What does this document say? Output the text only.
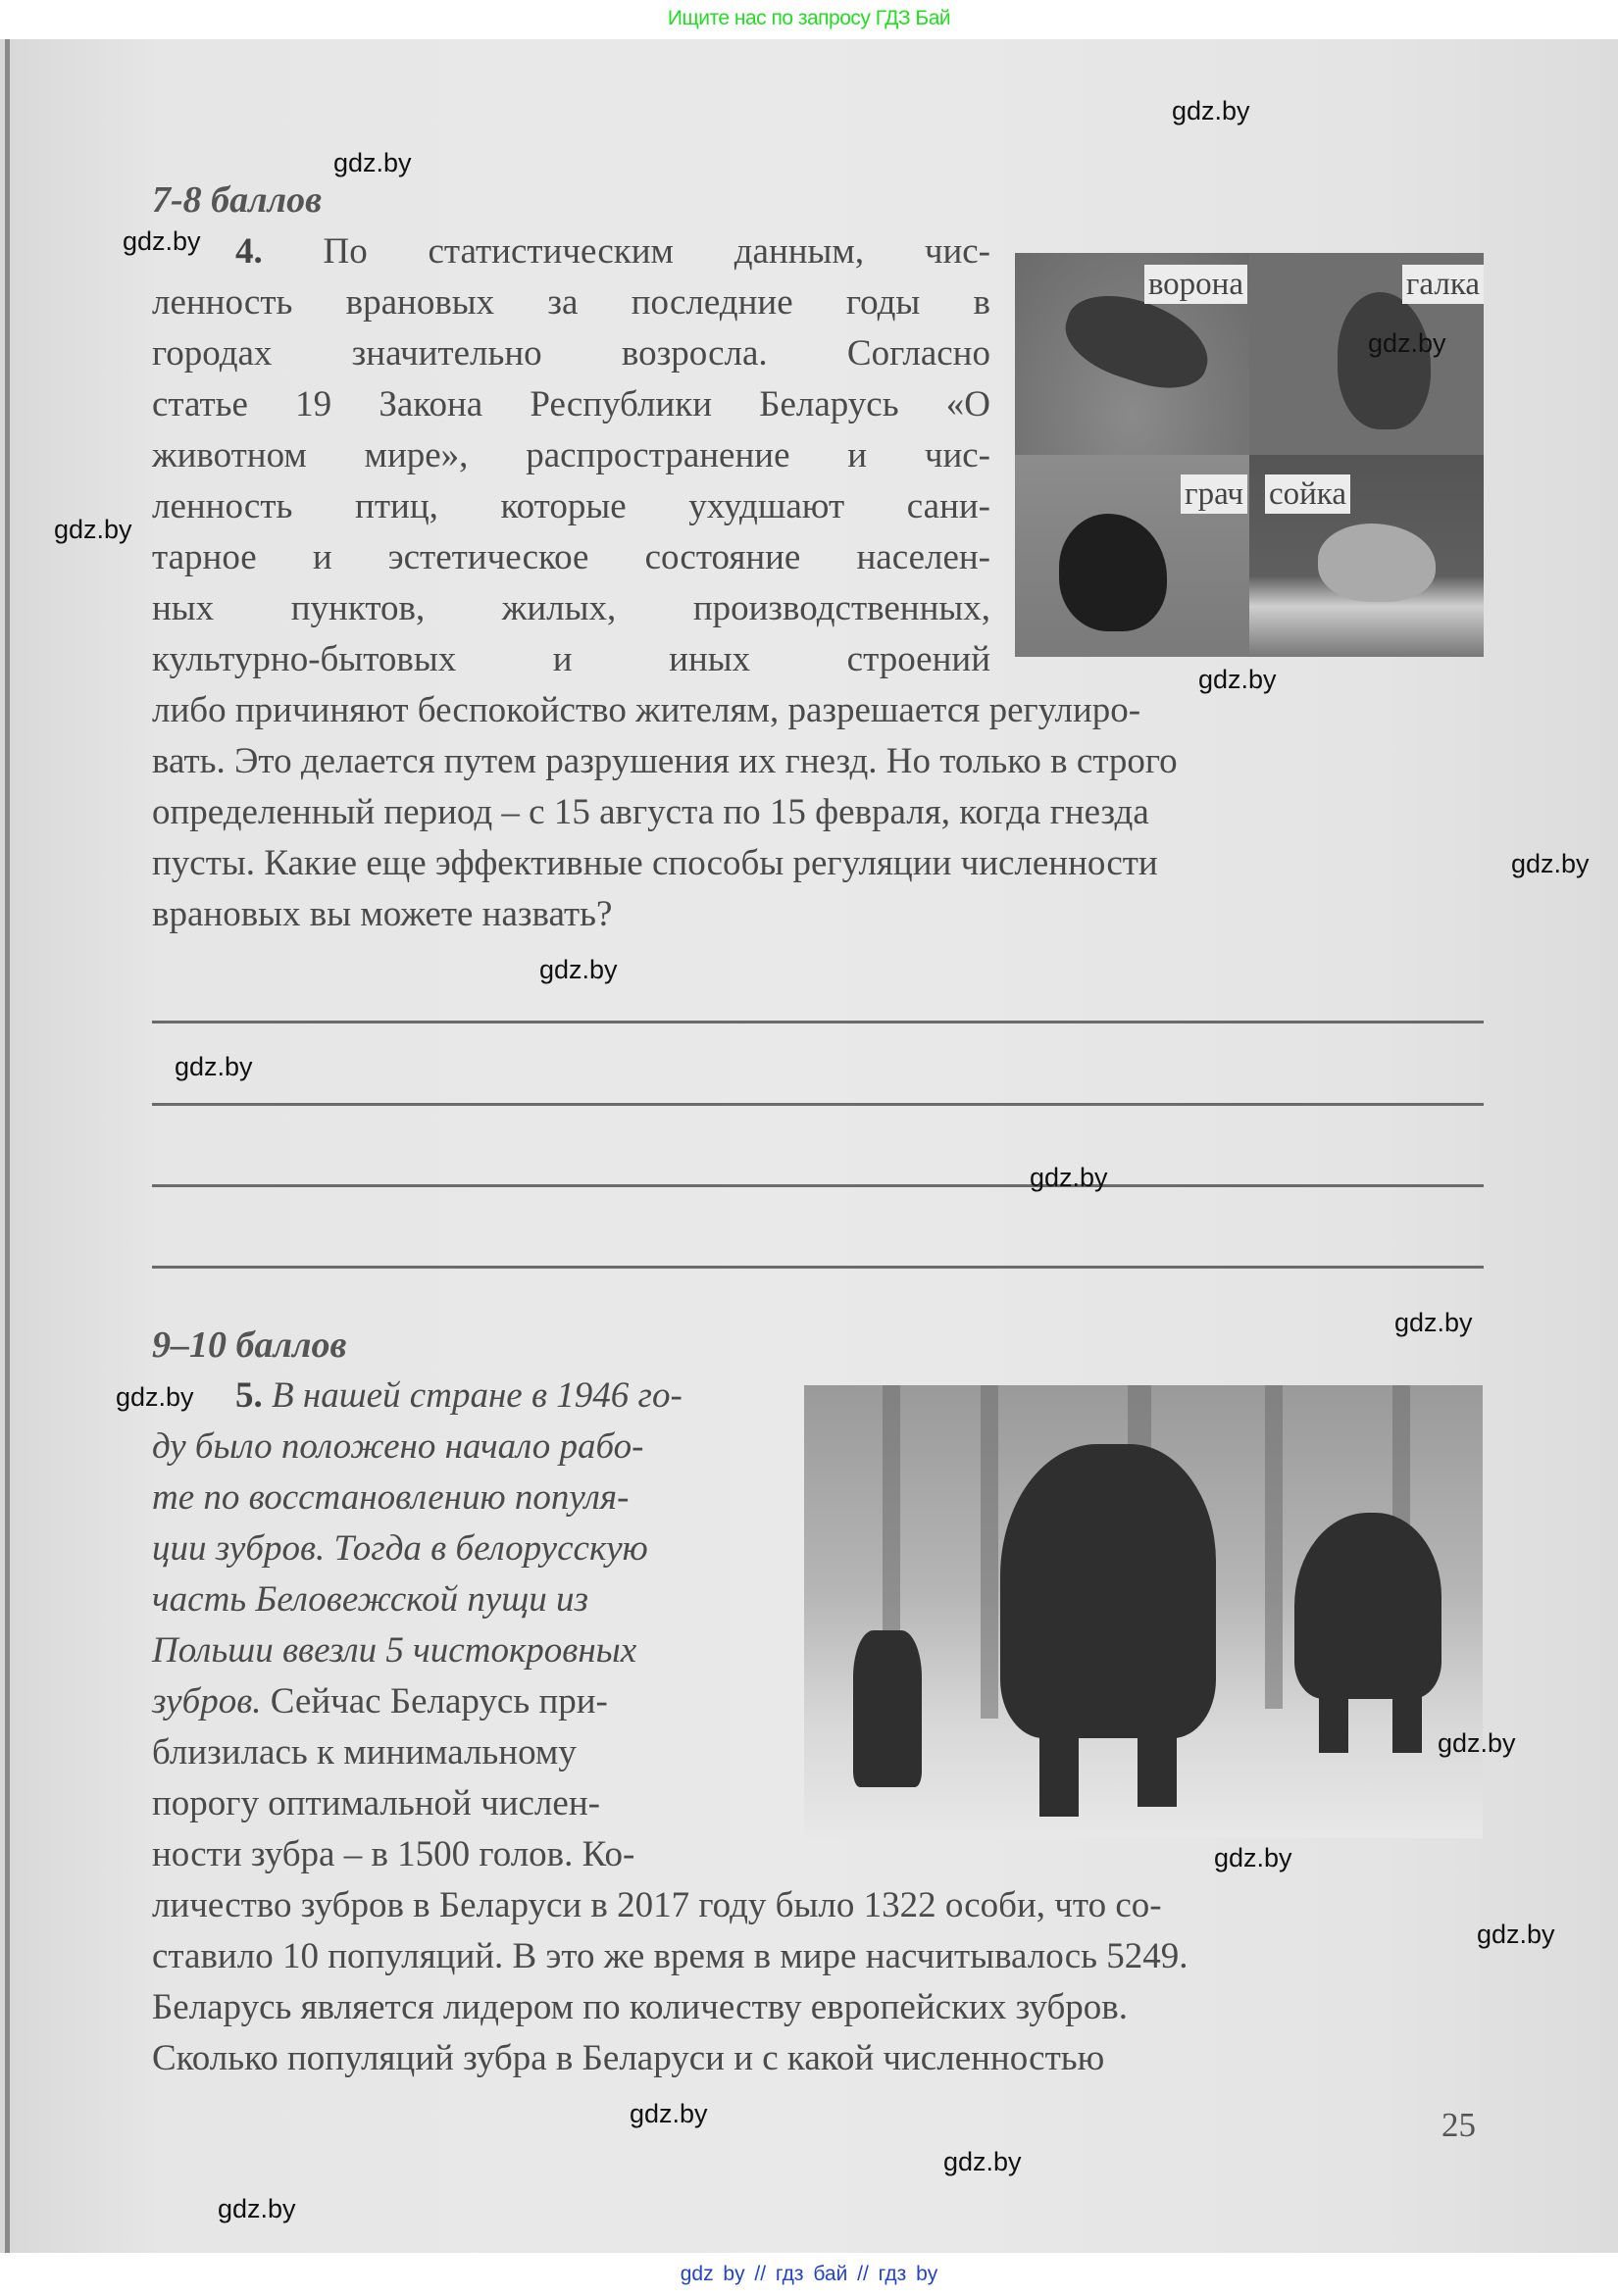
Ищите нас по запросу ГДЗ Бай
7-8 баллов
4. По статистическим данным, чис-
ленность врановых за последние годы в
городах значительно возросла. Согласно
статье 19 Закона Республики Беларусь «О
животном мире», распространение и чис-
ленность птиц, которые ухудшают сани-
тарное и эстетическое состояние населен-
ных пунктов, жилых, производственных,
культурно-бытовых и иных строений
либо причиняют беспокойство жителям, разрешается регулиро-
вать. Это делается путем разрушения их гнезд. Но только в строго
определенный период – с 15 августа по 15 февраля, когда гнезда
пусты. Какие еще эффективные способы регуляции численности
врановых вы можете назвать?
ворона	галка
грач сойка
9–10 баллов
5. В нашей стране в 1946 го-
ду было положено начало рабо-
те по восстановлению популя-
ции зубров. Тогда в белорусскую
часть Беловежской пущи из
Польши ввезли 5 чистокровных
зубров. Сейчас Беларусь при-
близилась к минимальному
порогу оптимальной числен-
ности зубра – в 1500 голов. Ко-
личество зубров в Беларуси в 2017 году было 1322 особи, что со-
ставило 10 популяций. В это же время в мире насчитывалось 5249.
Беларусь является лидером по количеству европейских зубров.
Сколько популяций зубра в Беларуси и с какой численностью
25
gdz.by
gdz.by
gdz.by
gdz.by
gdz.by
gdz.by
gdz.by
gdz.by
gdz.by
gdz.by
gdz.by
gdz.by
gdz.by
gdz.by
gdz.by
gdz.by
gdz.by
gdz.by
gdz by // гдз бай // гдз by
